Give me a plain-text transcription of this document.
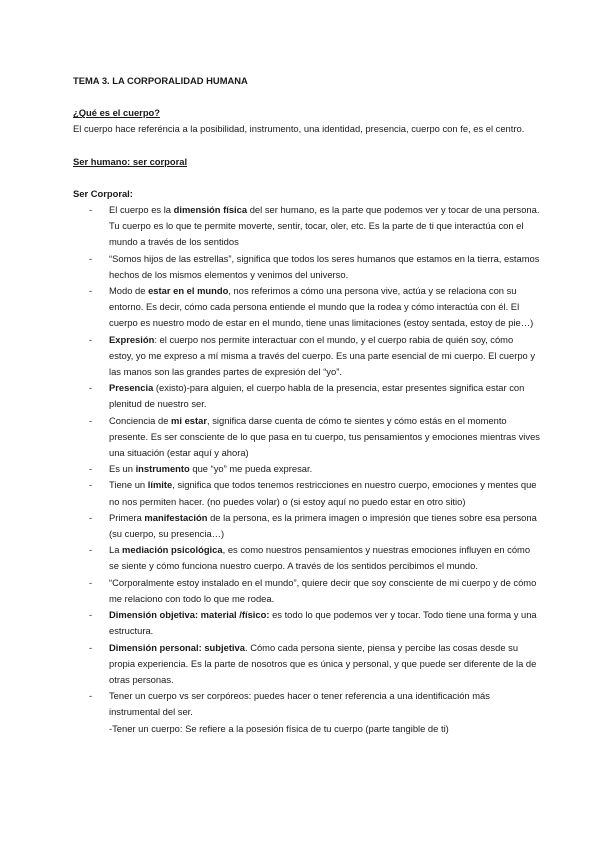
TEMA 3. LA CORPORALIDAD HUMANA

¿Qué es el cuerpo?

El cuerpo hace referéncia a la posibilidad, instrumento, una identidad, presencia, cuerpo con fe, es el centro.

Ser humano: ser corporal

Ser Corporal:

- El cuerpo es la dimensión física del ser humano, es la parte que podemos ver y tocar de una persona. Tu cuerpo es lo que te permite moverte, sentir, tocar, oler, etc. Es la parte de ti que interactúa con el mundo a través de los sentidos
- “Somos hijos de las estrellas”, significa que todos los seres humanos que estamos en la tierra, estamos hechos de los mismos elementos y venimos del universo.
- Modo de estar en el mundo, nos referimos a cómo una persona vive, actúa y se relaciona con su entorno. Es decir, cómo cada persona entiende el mundo que la rodea y cómo interactúa con él. El cuerpo es nuestro modo de estar en el mundo, tiene unas limitaciones (estoy sentada, estoy de pie…)
- Expresión: el cuerpo nos permite interactuar con el mundo, y el cuerpo rabia de quién soy, cómo estoy, yo me expreso a mí misma a través del cuerpo. Es una parte esencial de mi cuerpo. El cuerpo y las manos son las grandes partes de expresión del “yo”.
- Presencia (existo)-para alguien, el cuerpo habla de la presencia, estar presentes significa estar con plenitud de nuestro ser.
- Conciencia de mi estar, significa darse cuenta de cómo te sientes y cómo estás en el momento presente. Es ser consciente de lo que pasa en tu cuerpo, tus pensamientos y emociones mientras vives una situación (estar aquí y ahora)
- Es un instrumento que “yo” me pueda expresar.
- Tiene un límite, significa que todos tenemos restricciones en nuestro cuerpo, emociones y mentes que no nos permiten hacer. (no puedes volar) o (si estoy aquí no puedo estar en otro sitio)
- Primera manifestación de la persona, es la primera imagen o impresión que tienes sobre esa persona (su cuerpo, su presencia…)
- La mediación psicológica, es como nuestros pensamientos y nuestras emociones influyen en cómo se siente y cómo funciona nuestro cuerpo. A través de los sentidos percibimos el mundo.
- “Corporalmente estoy instalado en el mundo”, quiere decir que soy consciente de mi cuerpo y de cómo me relaciono con todo lo que me rodea.
- Dimensión objetiva: material /físico: es todo lo que podemos ver y tocar. Todo tiene una forma y una estructura.
- Dimensión personal: subjetiva. Cómo cada persona siente, piensa y percibe las cosas desde su propia experiencia. Es la parte de nosotros que es única y personal, y que puede ser diferente de la de otras personas.
- Tener un cuerpo vs ser corpóreos: puedes hacer o tener referencia a una identificación más instrumental del ser.
-Tener un cuerpo: Se refiere a la posesión física de tu cuerpo (parte tangible de ti)
